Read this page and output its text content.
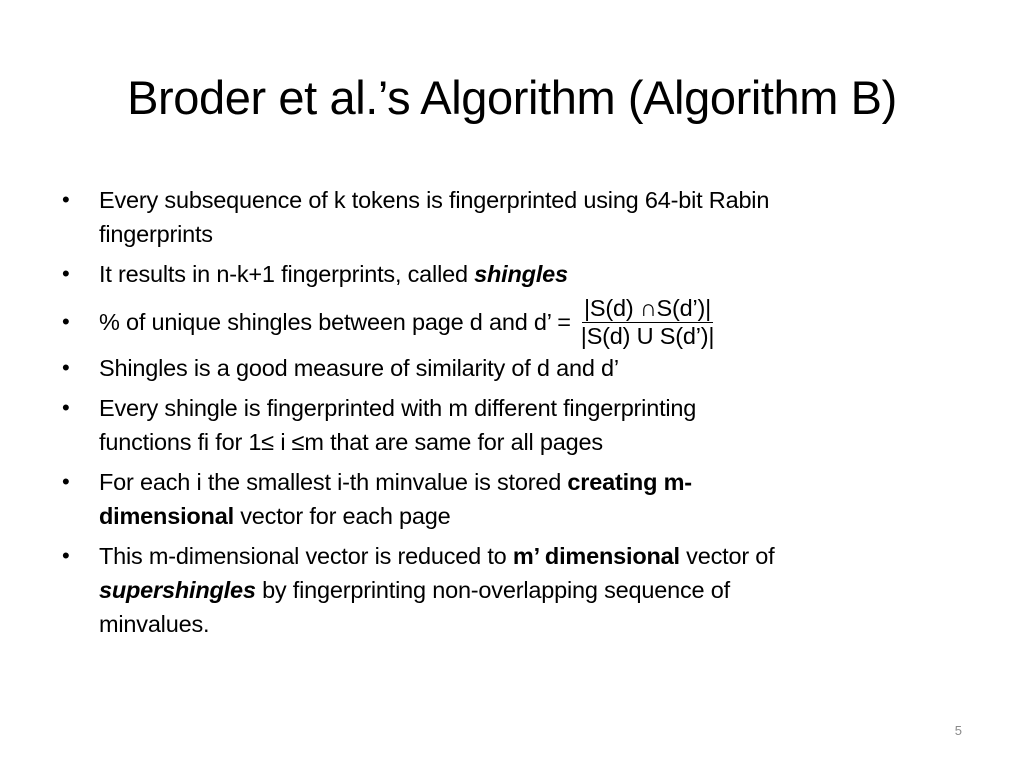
Broder et al.’s Algorithm (Algorithm B)
•	Every subsequence of k tokens is fingerprinted using 64-bit Rabin
fingerprints
•	It results in n-k+1 fingerprints, called shingles
•	% of unique shingles between page d and d’ = $\frac{|S(d) \cap S(d’)|}{\text{|S(d) U S(d’)|}}$
•	Shingles is a good measure of similarity of d and d’
•	Every shingle is fingerprinted with m different fingerprinting
functions fi for 1≤ i ≤m that are same for all pages
•	For each i the smallest i-th minvalue is stored creating m-
dimensional vector for each page
•	This m-dimensional vector is reduced to m’ dimensional vector of
supershingles by fingerprinting non-overlapping sequence of
minvalues.
5
